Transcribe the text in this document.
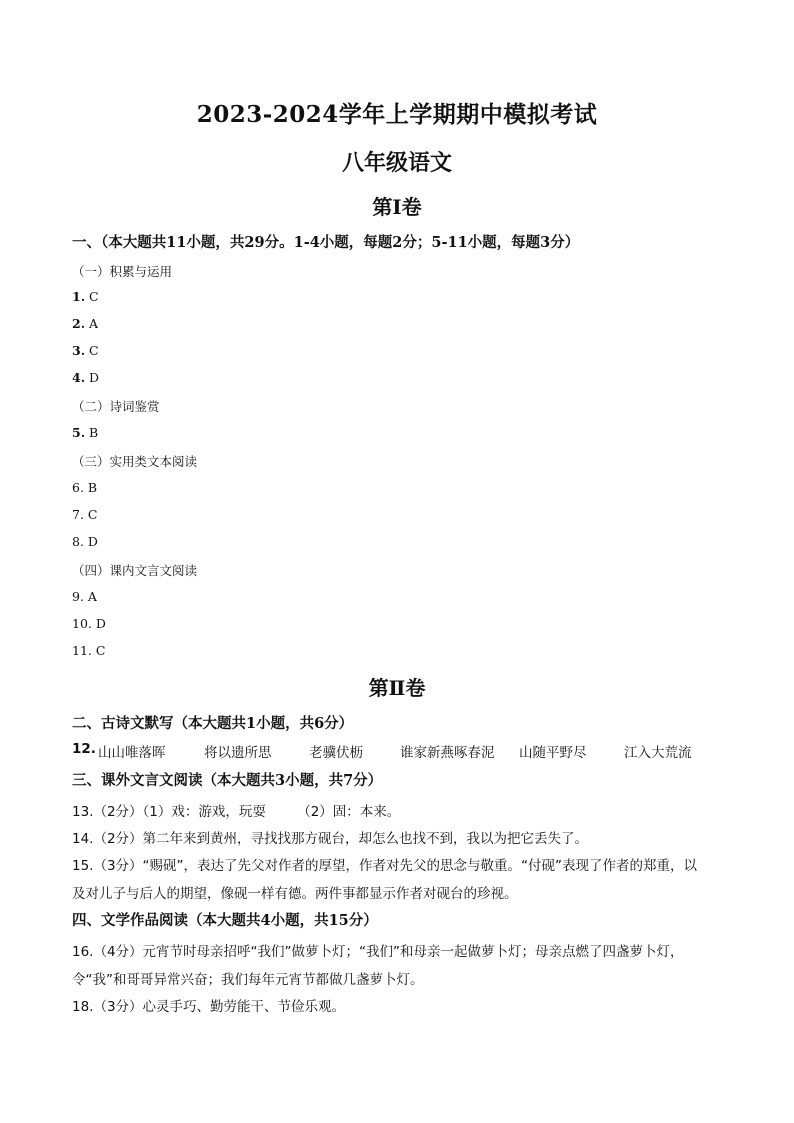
2023-2024学年上学期期中模拟考试
八年级语文
第Ⅰ卷
一、（本大题共11小题，共29分。1-4小题，每题2分；5-11小题，每题3分）
（一）积累与运用
1. C
2. A
3. C
4. D
（二）诗词鉴赏
5. B
（三）实用类文本阅读
6. B
7. C
8. D
（四）课内文言文阅读
9. A
10. D
11. C
第Ⅱ卷
二、古诗文默写（本大题共1小题，共6分）
12. 山山唯落晖	将以遗所思	老骥伏枥	谁家新燕啄春泥 山随平野尽	江入大荒流
三、课外文言文阅读（本大题共3小题，共7分）
13.（2分）（1）戏：游戏，玩耍　　 （2）固：本来。
14.（2分）第二年来到黄州，寻找找那方砚台，却怎么也找不到，我以为把它丢失了。
15.（3分）“赐砚”，表达了先父对作者的厚望，作者对先父的思念与敬重。“付砚”表现了作者的郑重，以
及对儿子与后人的期望，像砚一样有德。两件事都显示作者对砚台的珍视。
四、文学作品阅读（本大题共4小题，共15分）
16.（4分）元宵节时母亲招呼“我们”做萝卜灯；“我们”和母亲一起做萝卜灯；母亲点燃了四盏萝卜灯，
令“我”和哥哥异常兴奋；我们每年元宵节都做几盏萝卜灯。
18.（3分）心灵手巧、勤劳能干、节俭乐观。
